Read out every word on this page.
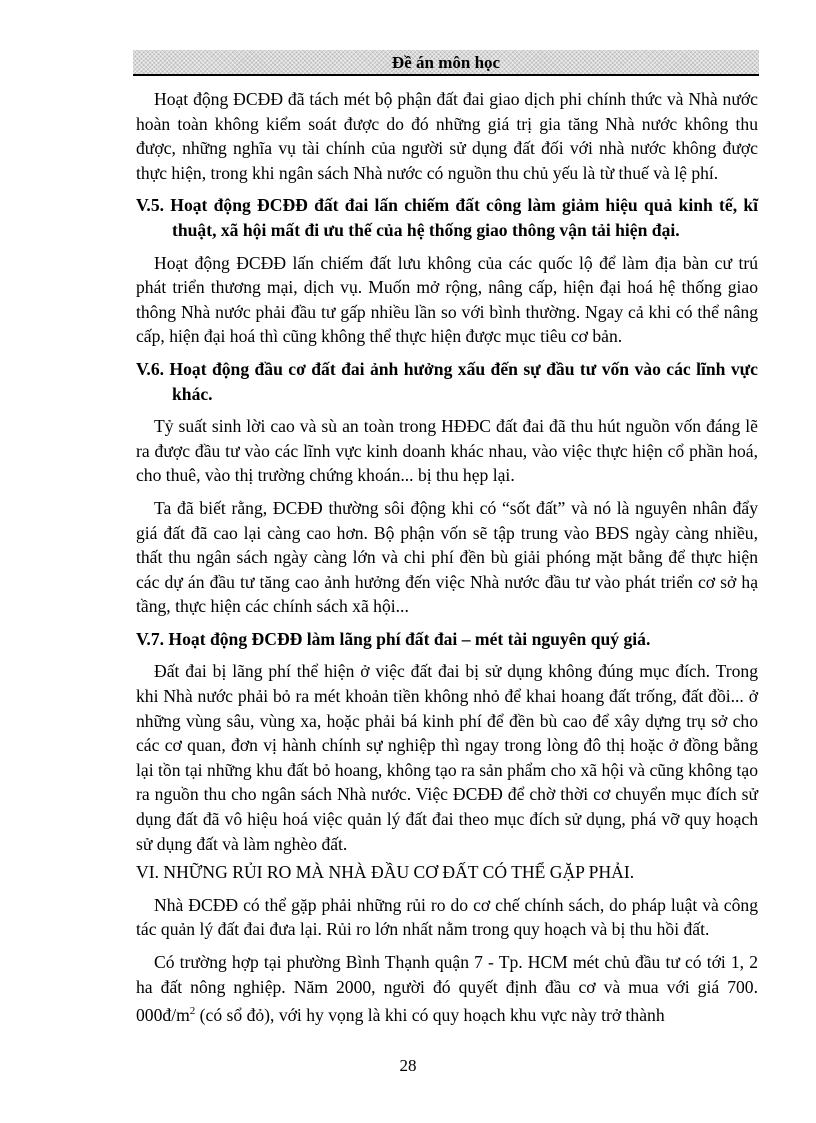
Đề án môn học

Hoạt động ĐCĐĐ đã tách mét bộ phận đất đai giao dịch phi chính thức và Nhà nước hoàn toàn không kiểm soát được do đó những giá trị gia tăng Nhà nước không thu được, những nghĩa vụ tài chính của người sử dụng đất đối với nhà nước không được thực hiện, trong khi ngân sách Nhà nước có nguồn thu chủ yếu là từ thuế và lệ phí.

V.5. Hoạt động ĐCĐĐ đất đai lấn chiếm đất công làm giảm hiệu quả kinh tế, kĩ thuật, xã hội mất đi ưu thế của hệ thống giao thông vận tải hiện đại.

Hoạt động ĐCĐĐ lấn chiếm đất lưu không của các quốc lộ để làm địa bàn cư trú phát triển thương mại, dịch vụ. Muốn mở rộng, nâng cấp, hiện đại hoá hệ thống giao thông Nhà nước phải đầu tư gấp nhiều lần so với bình thường. Ngay cả khi có thể nâng cấp, hiện đại hoá thì cũng không thể thực hiện được mục tiêu cơ bản.

V.6. Hoạt động đầu cơ đất đai ảnh hưởng xấu đến sự đầu tư vốn vào các lĩnh vực khác.

Tỷ suất sinh lời cao và sù an toàn trong HĐĐC đất đai đã thu hút nguồn vốn đáng lẽ ra được đầu tư vào các lĩnh vực kinh doanh khác nhau, vào việc thực hiện cổ phần hoá, cho thuê, vào thị trường chứng khoán... bị thu hẹp lại.

Ta đã biết rằng, ĐCĐĐ thường sôi động khi có “sốt đất” và nó là nguyên nhân đẩy giá đất đã cao lại càng cao hơn. Bộ phận vốn sẽ tập trung vào BĐS ngày càng nhiều, thất thu ngân sách ngày càng lớn và chi phí đền bù giải phóng mặt bằng để thực hiện các dự án đầu tư tăng cao ảnh hưởng đến việc Nhà nước đầu tư vào phát triển cơ sở hạ tầng, thực hiện các chính sách xã hội...

V.7. Hoạt động ĐCĐĐ làm lãng phí đất đai – mét tài nguyên quý giá.

Đất đai bị lãng phí thể hiện ở việc đất đai bị sử dụng không đúng mục đích. Trong khi Nhà nước phải bỏ ra mét khoản tiền không nhỏ để khai hoang đất trống, đất đồi... ở những vùng sâu, vùng xa, hoặc phải bá kinh phí để đền bù cao để xây dựng trụ sở cho các cơ quan, đơn vị hành chính sự nghiệp thì ngay trong lòng đô thị hoặc ở đồng bằng lại tồn tại những khu đất bỏ hoang, không tạo ra sản phẩm cho xã hội và cũng không tạo ra nguồn thu cho ngân sách Nhà nước. Việc ĐCĐĐ để chờ thời cơ chuyển mục đích sử dụng đất đã vô hiệu hoá việc quản lý đất đai theo mục đích sử dụng, phá vỡ quy hoạch sử dụng đất và làm nghèo đất.

VI. NHỮNG RỦI RO MÀ NHÀ ĐẦU CƠ ĐẤT CÓ THỂ GẶP PHẢI.

Nhà ĐCĐĐ có thể gặp phải những rủi ro do cơ chế chính sách, do pháp luật và công tác quản lý đất đai đưa lại. Rủi ro lớn nhất nằm trong quy hoạch và bị thu hồi đất.

Có trường hợp tại phường Bình Thạnh quận 7 - Tp. HCM mét chủ đầu tư có tới 1, 2 ha đất nông nghiệp. Năm 2000, người đó quyết định đầu cơ và mua với giá 700. $000đ/m^2$ (có sổ đỏ), với hy vọng là khi có quy hoạch khu vực này trở thành

28
